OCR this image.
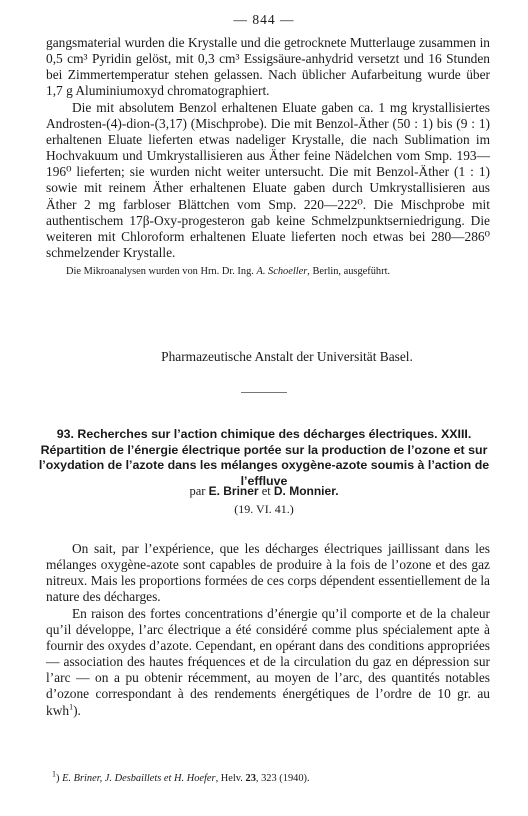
— 844 —

gangsmaterial wurden die Krystalle und die getrocknete Mutterlauge zusammen in 0,5 cm³ Pyridin gelöst, mit 0,3 cm³ Essigsäure-anhydrid versetzt und 16 Stunden bei Zimmertemperatur stehen gelassen. Nach üblicher Aufarbeitung wurde über 1,7 g Aluminiumoxyd chromatographiert.

Die mit absolutem Benzol erhaltenen Eluate gaben ca. 1 mg krystallisiertes Androsten-(4)-dion-(3,17) (Mischprobe). Die mit Benzol-Äther (50 : 1) bis (9 : 1) erhaltenen Eluate lieferten etwas nadeliger Krystalle, die nach Sublimation im Hochvakuum und Umkrystallisieren aus Äther feine Nädelchen vom Smp. 193—196⁰ lieferten; sie wurden nicht weiter untersucht. Die mit Benzol-Äther (1 : 1) sowie mit reinem Äther erhaltenen Eluate gaben durch Umkrystallisieren aus Äther 2 mg farbloser Blättchen vom Smp. 220—222⁰. Die Mischprobe mit authentischem 17β-Oxy-progesteron gab keine Schmelzpunktserniedrigung. Die weiteren mit Chloroform erhaltenen Eluate lieferten noch etwas bei 280—286⁰ schmelzender Krystalle.

Die Mikroanalysen wurden von Hrn. Dr. Ing. A. Schoeller, Berlin, ausgeführt.

Pharmazeutische Anstalt der Universität Basel.
93. Recherches sur l’action chimique des décharges électriques. XXIII. Répartition de l’énergie électrique portée sur la production de l’ozone et sur l’oxydation de l’azote dans les mélanges oxygène-azote soumis à l’action de l’effluve
par E. Briner et D. Monnier.
(19. VI. 41.)

On sait, par l’expérience, que les décharges électriques jaillissant dans les mélanges oxygène-azote sont capables de produire à la fois de l’ozone et des gaz nitreux. Mais les proportions formées de ces corps dépendent essentiellement de la nature des décharges.

En raison des fortes concentrations d’énergie qu’il comporte et de la chaleur qu’il développe, l’arc électrique a été considéré comme plus spécialement apte à fournir des oxydes d’azote. Cependant, en opérant dans des conditions appropriées — association des hautes fréquences et de la circulation du gaz en dépression sur l’arc — on a pu obtenir récemment, au moyen de l’arc, des quantités notables d’ozone correspondant à des rendements énergétiques de l’ordre de 10 gr. au kwh$^1$).

$^1$) E. Briner, J. Desbaillets et H. Hoefer, Helv. 23, 323 (1940).
